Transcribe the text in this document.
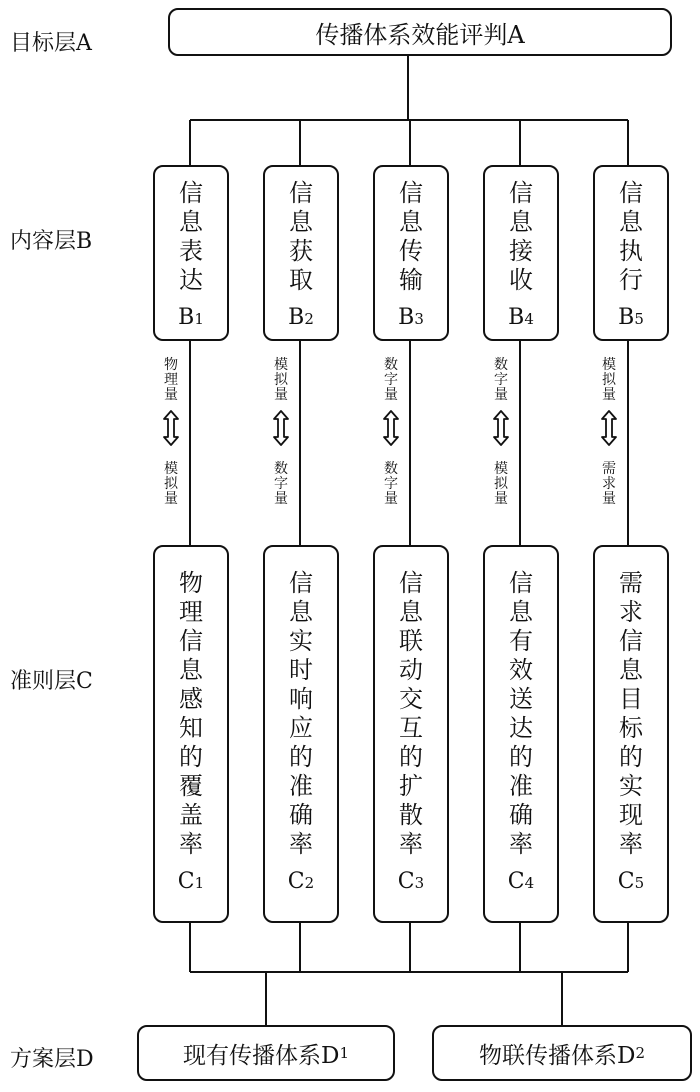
目标层A
内容层B
准则层C
方案层D
传播体系效能评判A
信
息
表
达
B1
信
息
获
取
B2
信
息
传
输
B3
信
息
接
收
B4
信
息
执
行
B5
物
理
量
模
拟
量
模
拟
量
数
字
量
数
字
量
数
字
量
数
字
量
模
拟
量
模
拟
量
需
求
量
物
理
信
息
感
知
的
覆
盖
率
C1
信
息
实
时
响
应
的
准
确
率
C2
信
息
联
动
交
互
的
扩
散
率
C3
信
息
有
效
送
达
的
准
确
率
C4
需
求
信
息
目
标
的
实
现
率
C5
现有传播体系D 1	物联传播体系D 2
